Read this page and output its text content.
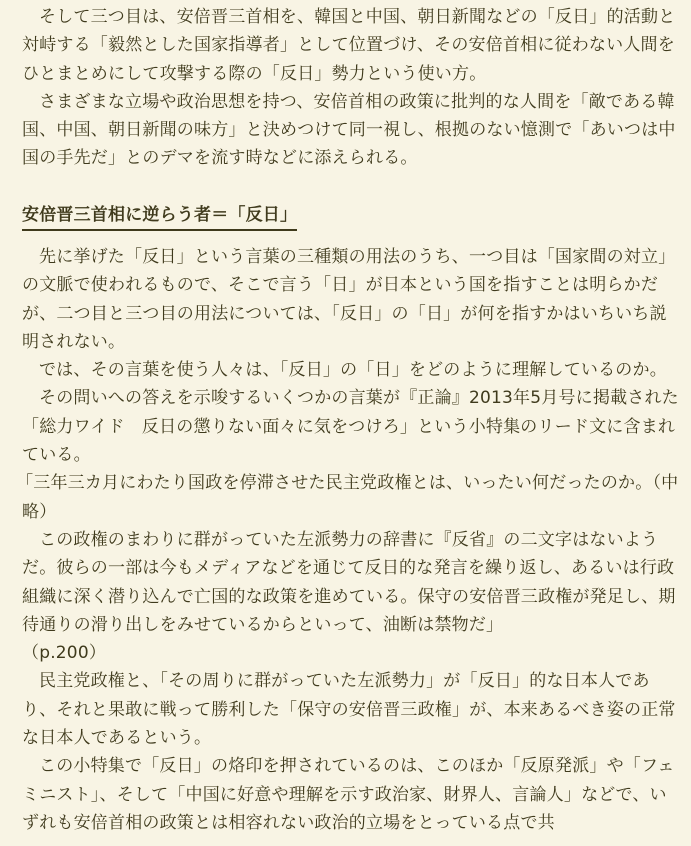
そして三つ目は、安倍晋三首相を、韓国と中国、朝日新聞などの「反日」的活動と対峙する「毅然とした国家指導者」として位置づけ、その安倍首相に従わない人間をひとまとめにして攻撃する際の「反日」勢力という使い方。
さまざまな立場や政治思想を持つ、安倍首相の政策に批判的な人間を「敵である韓国、中国、朝日新聞の味方」と決めつけて同一視し、根拠のない憶測で「あいつは中国の手先だ」とのデマを流す時などに添えられる。
安倍晋三首相に逆らう者＝「反日」
先に挙げた「反日」という言葉の三種類の用法のうち、一つ目は「国家間の対立」の文脈で使われるもので、そこで言う「日」が日本という国を指すことは明らかだが、二つ目と三つ目の用法については、「反日」の「日」が何を指すかはいちいち説明されない。
では、その言葉を使う人々は、「反日」の「日」をどのように理解しているのか。
その問いへの答えを示唆するいくつかの言葉が『正論』2013年5月号に掲載された「総力ワイド　反日の懲りない面々に気をつけろ」という小特集のリード文に含まれている。
「三年三カ月にわたり国政を停滞させた民主党政権とは、いったい何だったのか。（中略）
この政権のまわりに群がっていた左派勢力の辞書に『反省』の二文字はないようだ。彼らの一部は今もメディアなどを通じて反日的な発言を繰り返し、あるいは行政組織に深く潜り込んで亡国的な政策を進めている。保守の安倍晋三政権が発足し、期待通りの滑り出しをみせているからといって、油断は禁物だ」
（p.200）
民主党政権と、「その周りに群がっていた左派勢力」が「反日」的な日本人であり、それと果敢に戦って勝利した「保守の安倍晋三政権」が、本来あるべき姿の正常な日本人であるという。
この小特集で「反日」の烙印を押されているのは、このほか「反原発派」や「フェミニスト」、そして「中国に好意や理解を示す政治家、財界人、言論人」などで、いずれも安倍首相の政策とは相容れない政治的立場をとっている点で共
